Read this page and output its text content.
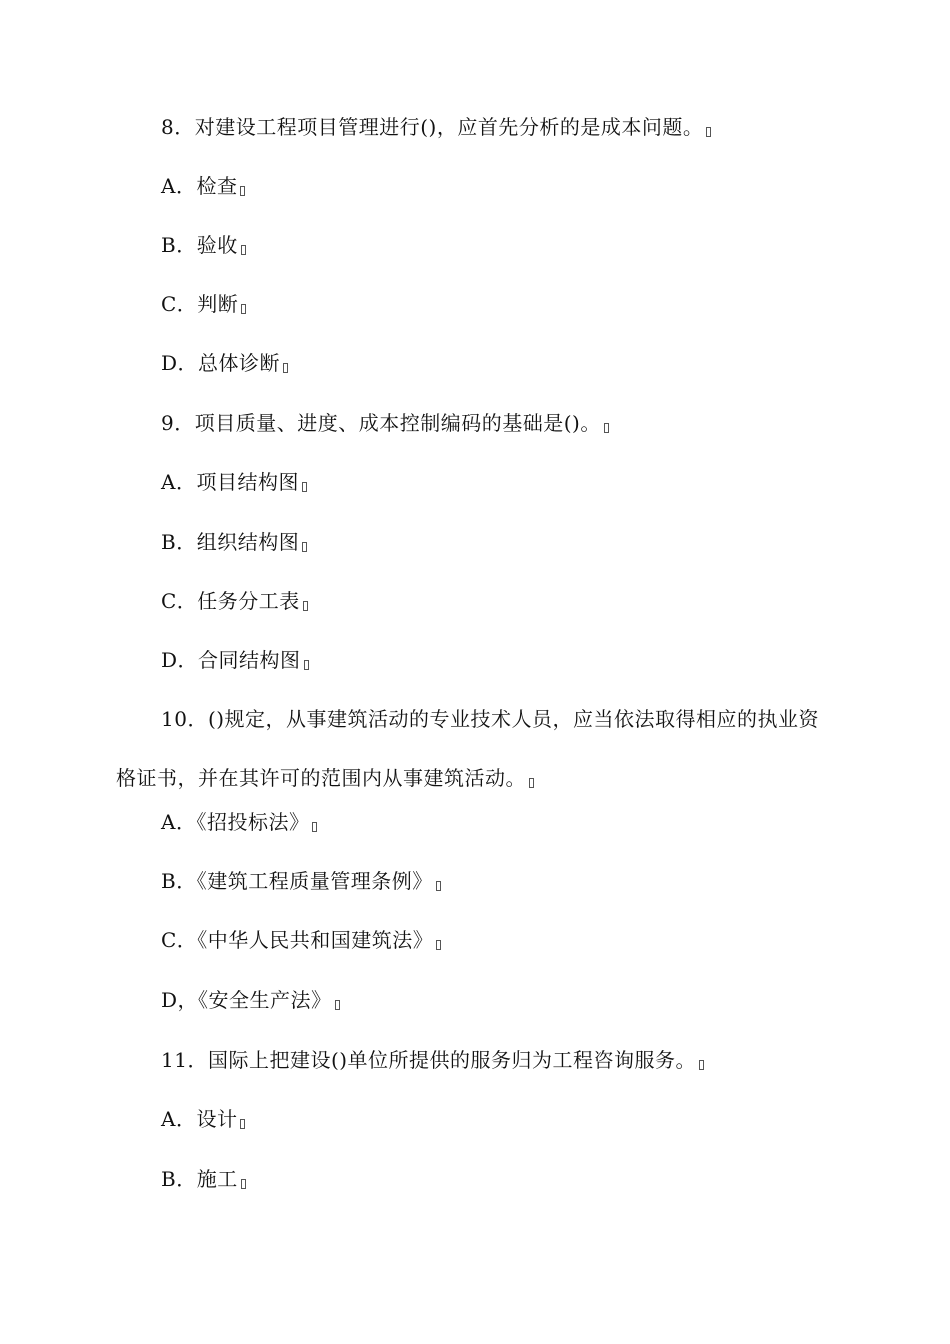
8．对建设工程项目管理进行()，应首先分析的是成本问题。
A．检查
B．验收
C．判断
D．总体诊断
9．项目质量、进度、成本控制编码的基础是()。
A．项目结构图
B．组织结构图
C．任务分工表
D．合同结构图
10．()规定，从事建筑活动的专业技术人员，应当依法取得相应的执业资格证书，并在其许可的范围内从事建筑活动。
A．《招投标法》
B．《建筑工程质量管理条例》
C．《中华人民共和国建筑法》
D，《安全生产法》
11．国际上把建设()单位所提供的服务归为工程咨询服务。
A．设计
B．施工
